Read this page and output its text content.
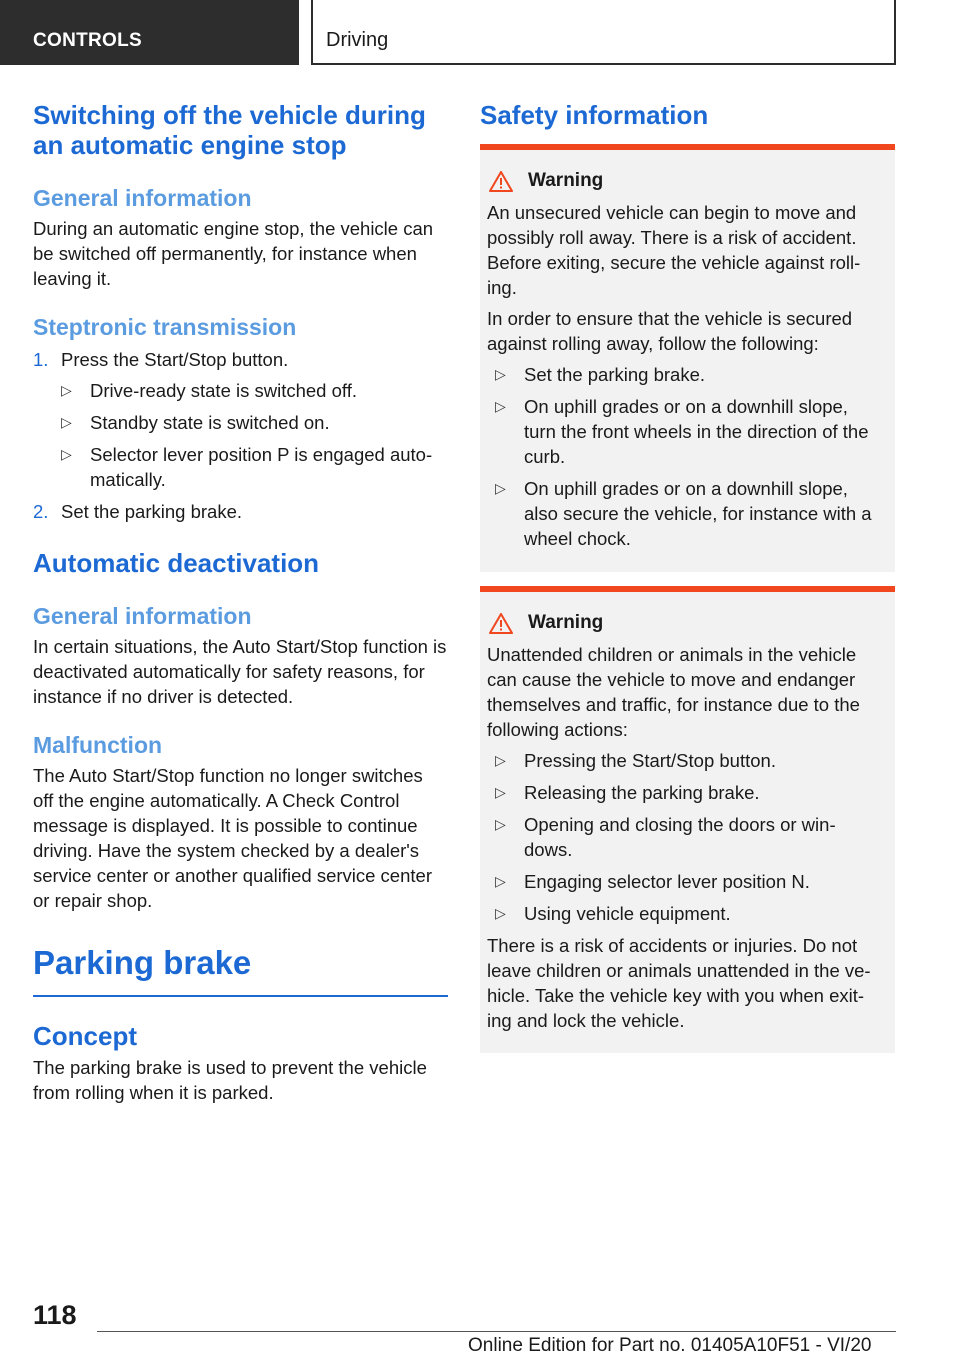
CONTROLS	Driving
Switching off the vehicle during an automatic engine stop
General information
During an automatic engine stop, the vehicle can be switched off permanently, for instance when leaving it.
Steptronic transmission
1. Press the Start/Stop button.
▷ Drive-ready state is switched off.
▷ Standby state is switched on.
▷ Selector lever position P is engaged auto-matically.
2. Set the parking brake.
Automatic deactivation
General information
In certain situations, the Auto Start/Stop function is deactivated automatically for safety reasons, for instance if no driver is detected.
Malfunction
The Auto Start/Stop function no longer switches off the engine automatically. A Check Control message is displayed. It is possible to continue driving. Have the system checked by a dealer's service center or another qualified service center or repair shop.
Parking brake
Concept
The parking brake is used to prevent the vehicle from rolling when it is parked.
Safety information
Warning
An unsecured vehicle can begin to move and possibly roll away. There is a risk of accident. Before exiting, secure the vehicle against roll-ing.
In order to ensure that the vehicle is secured against rolling away, follow the following:
▷ Set the parking brake.
▷ On uphill grades or on a downhill slope, turn the front wheels in the direction of the curb.
▷ On uphill grades or on a downhill slope, also secure the vehicle, for instance with a wheel chock.
Warning
Unattended children or animals in the vehicle can cause the vehicle to move and endanger themselves and traffic, for instance due to the following actions:
▷ Pressing the Start/Stop button.
▷ Releasing the parking brake.
▷ Opening and closing the doors or win-dows.
▷ Engaging selector lever position N.
▷ Using vehicle equipment.
There is a risk of accidents or injuries. Do not leave children or animals unattended in the ve-hicle. Take the vehicle key with you when exit-ing and lock the vehicle.
118
Online Edition for Part no. 01405A10F51 - VI/20
